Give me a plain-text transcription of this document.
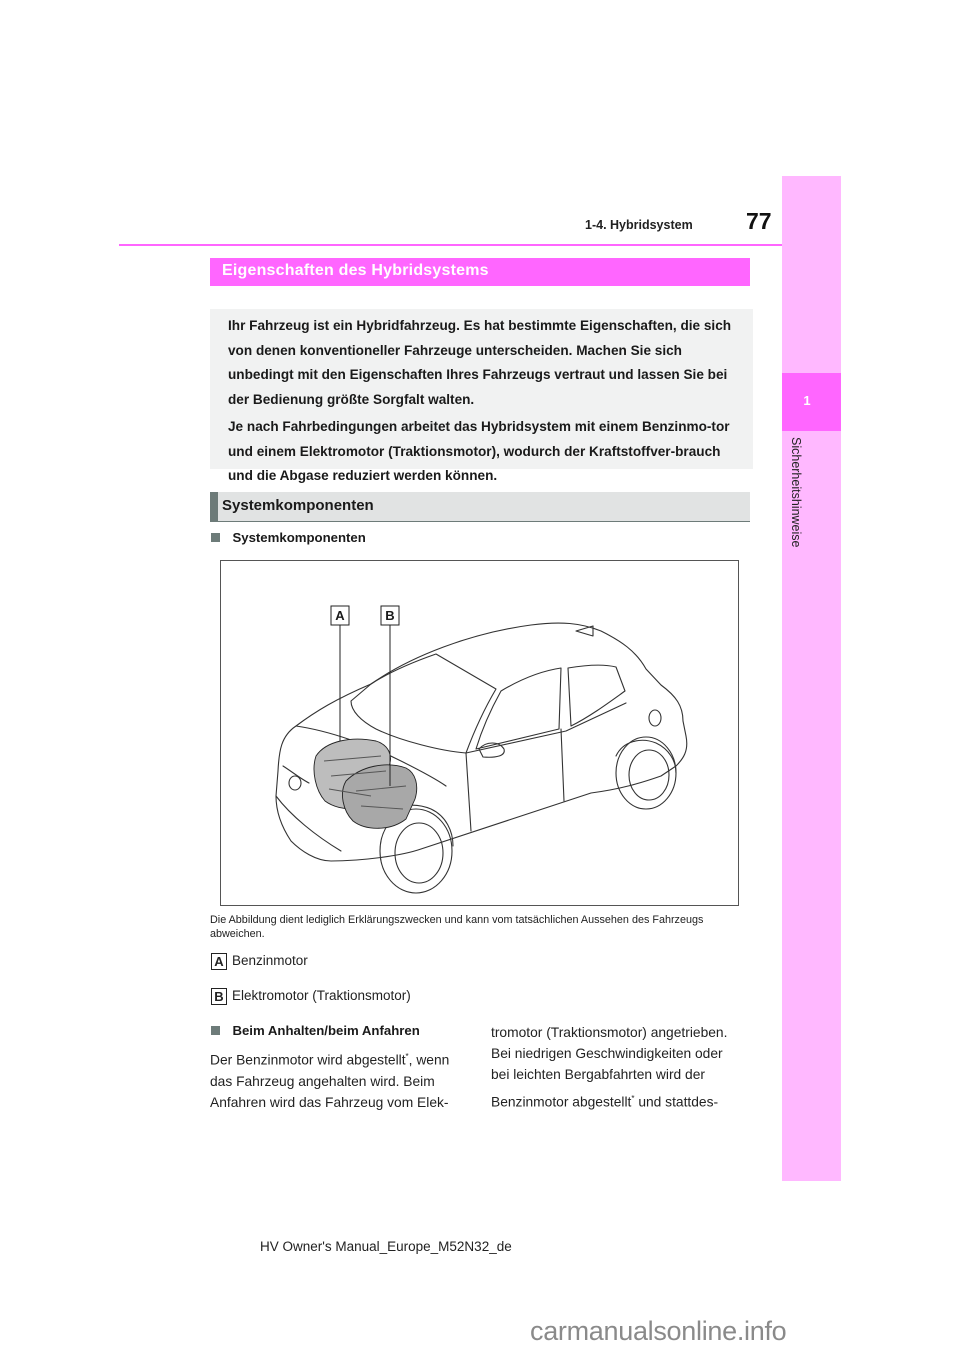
1-4. Hybridsystem 77
1
Sicherheitshinweise
Eigenschaften des Hybridsystems

Ihr Fahrzeug ist ein Hybridfahrzeug. Es hat bestimmte Eigenschaften, die sich von denen konventioneller Fahrzeuge unterscheiden. Machen Sie sich unbedingt mit den Eigenschaften Ihres Fahrzeugs vertraut und lassen Sie bei der Bedienung größte Sorgfalt walten.

Je nach Fahrbedingungen arbeitet das Hybridsystem mit einem Benzinmo-tor und einem Elektromotor (Traktionsmotor), wodurch der Kraftstoffver-brauch und die Abgase reduziert werden können.

Systemkomponenten
Systemkomponenten
A	B
Die Abbildung dient lediglich Erklärungszwecken und kann vom tatsächlichen Aussehen des Fahrzeugs abweichen.
A Benzinmotor
B Elektromotor (Traktionsmotor)
Beim Anhalten/beim Anfahren
Der Benzinmotor wird abgestellt*, wenn
das Fahrzeug angehalten wird. Beim
Anfahren wird das Fahrzeug vom Elek-
tromotor (Traktionsmotor) angetrieben.
Bei niedrigen Geschwindigkeiten oder
bei leichten Bergabfahrten wird der
Benzinmotor abgestellt* und stattdes-
HV Owner's Manual_Europe_M52N32_de
carmanualsonline.info
